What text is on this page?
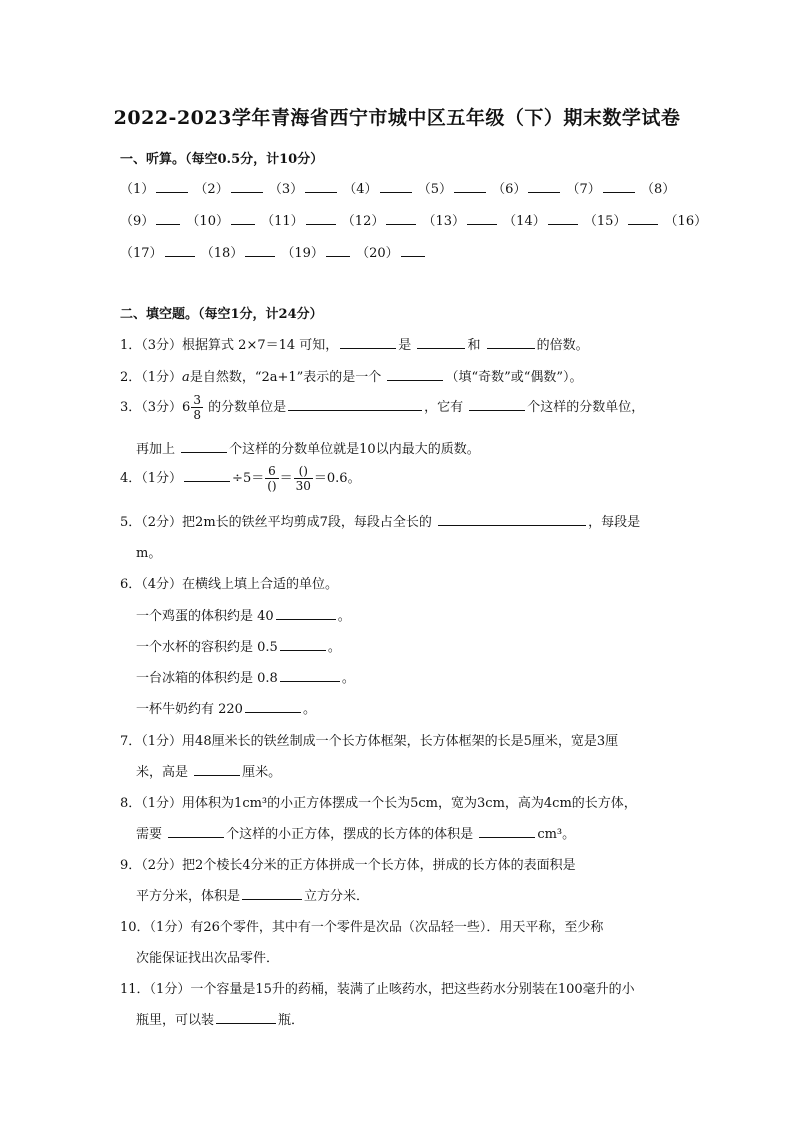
2022-2023学年青海省西宁市城中区五年级（下）期末数学试卷
一、听算。（每空0.5分，计10分）
（1）	（2）	（3）	（4）	（5）	（6）	（7）	（8）
（9） （10） （11）	（12）	（13）	（14）	（15）	（16）
（17）	（18）	（19） （20）
二、填空题。（每空1分，计24分）
1．（3分）根据算式 2×7＝14 可知，	是	和	的倍数。
2．（1分）a是自然数，“2a+1”表示的是一个	（填“奇数”或“偶数”）。
3．（3分）$6 \frac{3}{8}$ 的分数单位是	，它有	个这样的分数单位，
再加上	个这样的分数单位就是10以内最大的质数。
4．（1分）	$\div 5= \frac{6}{()} = \frac{()}{30} =0.6$。
5．（2分）把2m长的铁丝平均剪成7段，每段占全长的	，每段是
m。
6．（4分）在横线上填上合适的单位。
一个鸡蛋的体积约是 40	。
一个水杯的容积约是 0.5	。
一台冰箱的体积约是 0.8	。
一杯牛奶约有 220	。
7．（1分）用48厘米长的铁丝制成一个长方体框架，长方体框架的长是5厘米，宽是3厘
米，高是	厘米。
8．（1分）用体积为1cm³的小正方体摆成一个长为5cm，宽为3cm，高为4cm的长方体，
需要	个这样的小正方体，摆成的长方体的体积是	cm³。
9．（2分）把2个棱长4分米的正方体拼成一个长方体，拼成的长方体的表面积是
平方分米，体积是	立方分米．
10．（1分）有26个零件，其中有一个零件是次品（次品轻一些）．用天平称，至少称
次能保证找出次品零件．
11．（1分）一个容量是15升的药桶，装满了止咳药水，把这些药水分别装在100毫升的小
瓶里，可以装	瓶．
